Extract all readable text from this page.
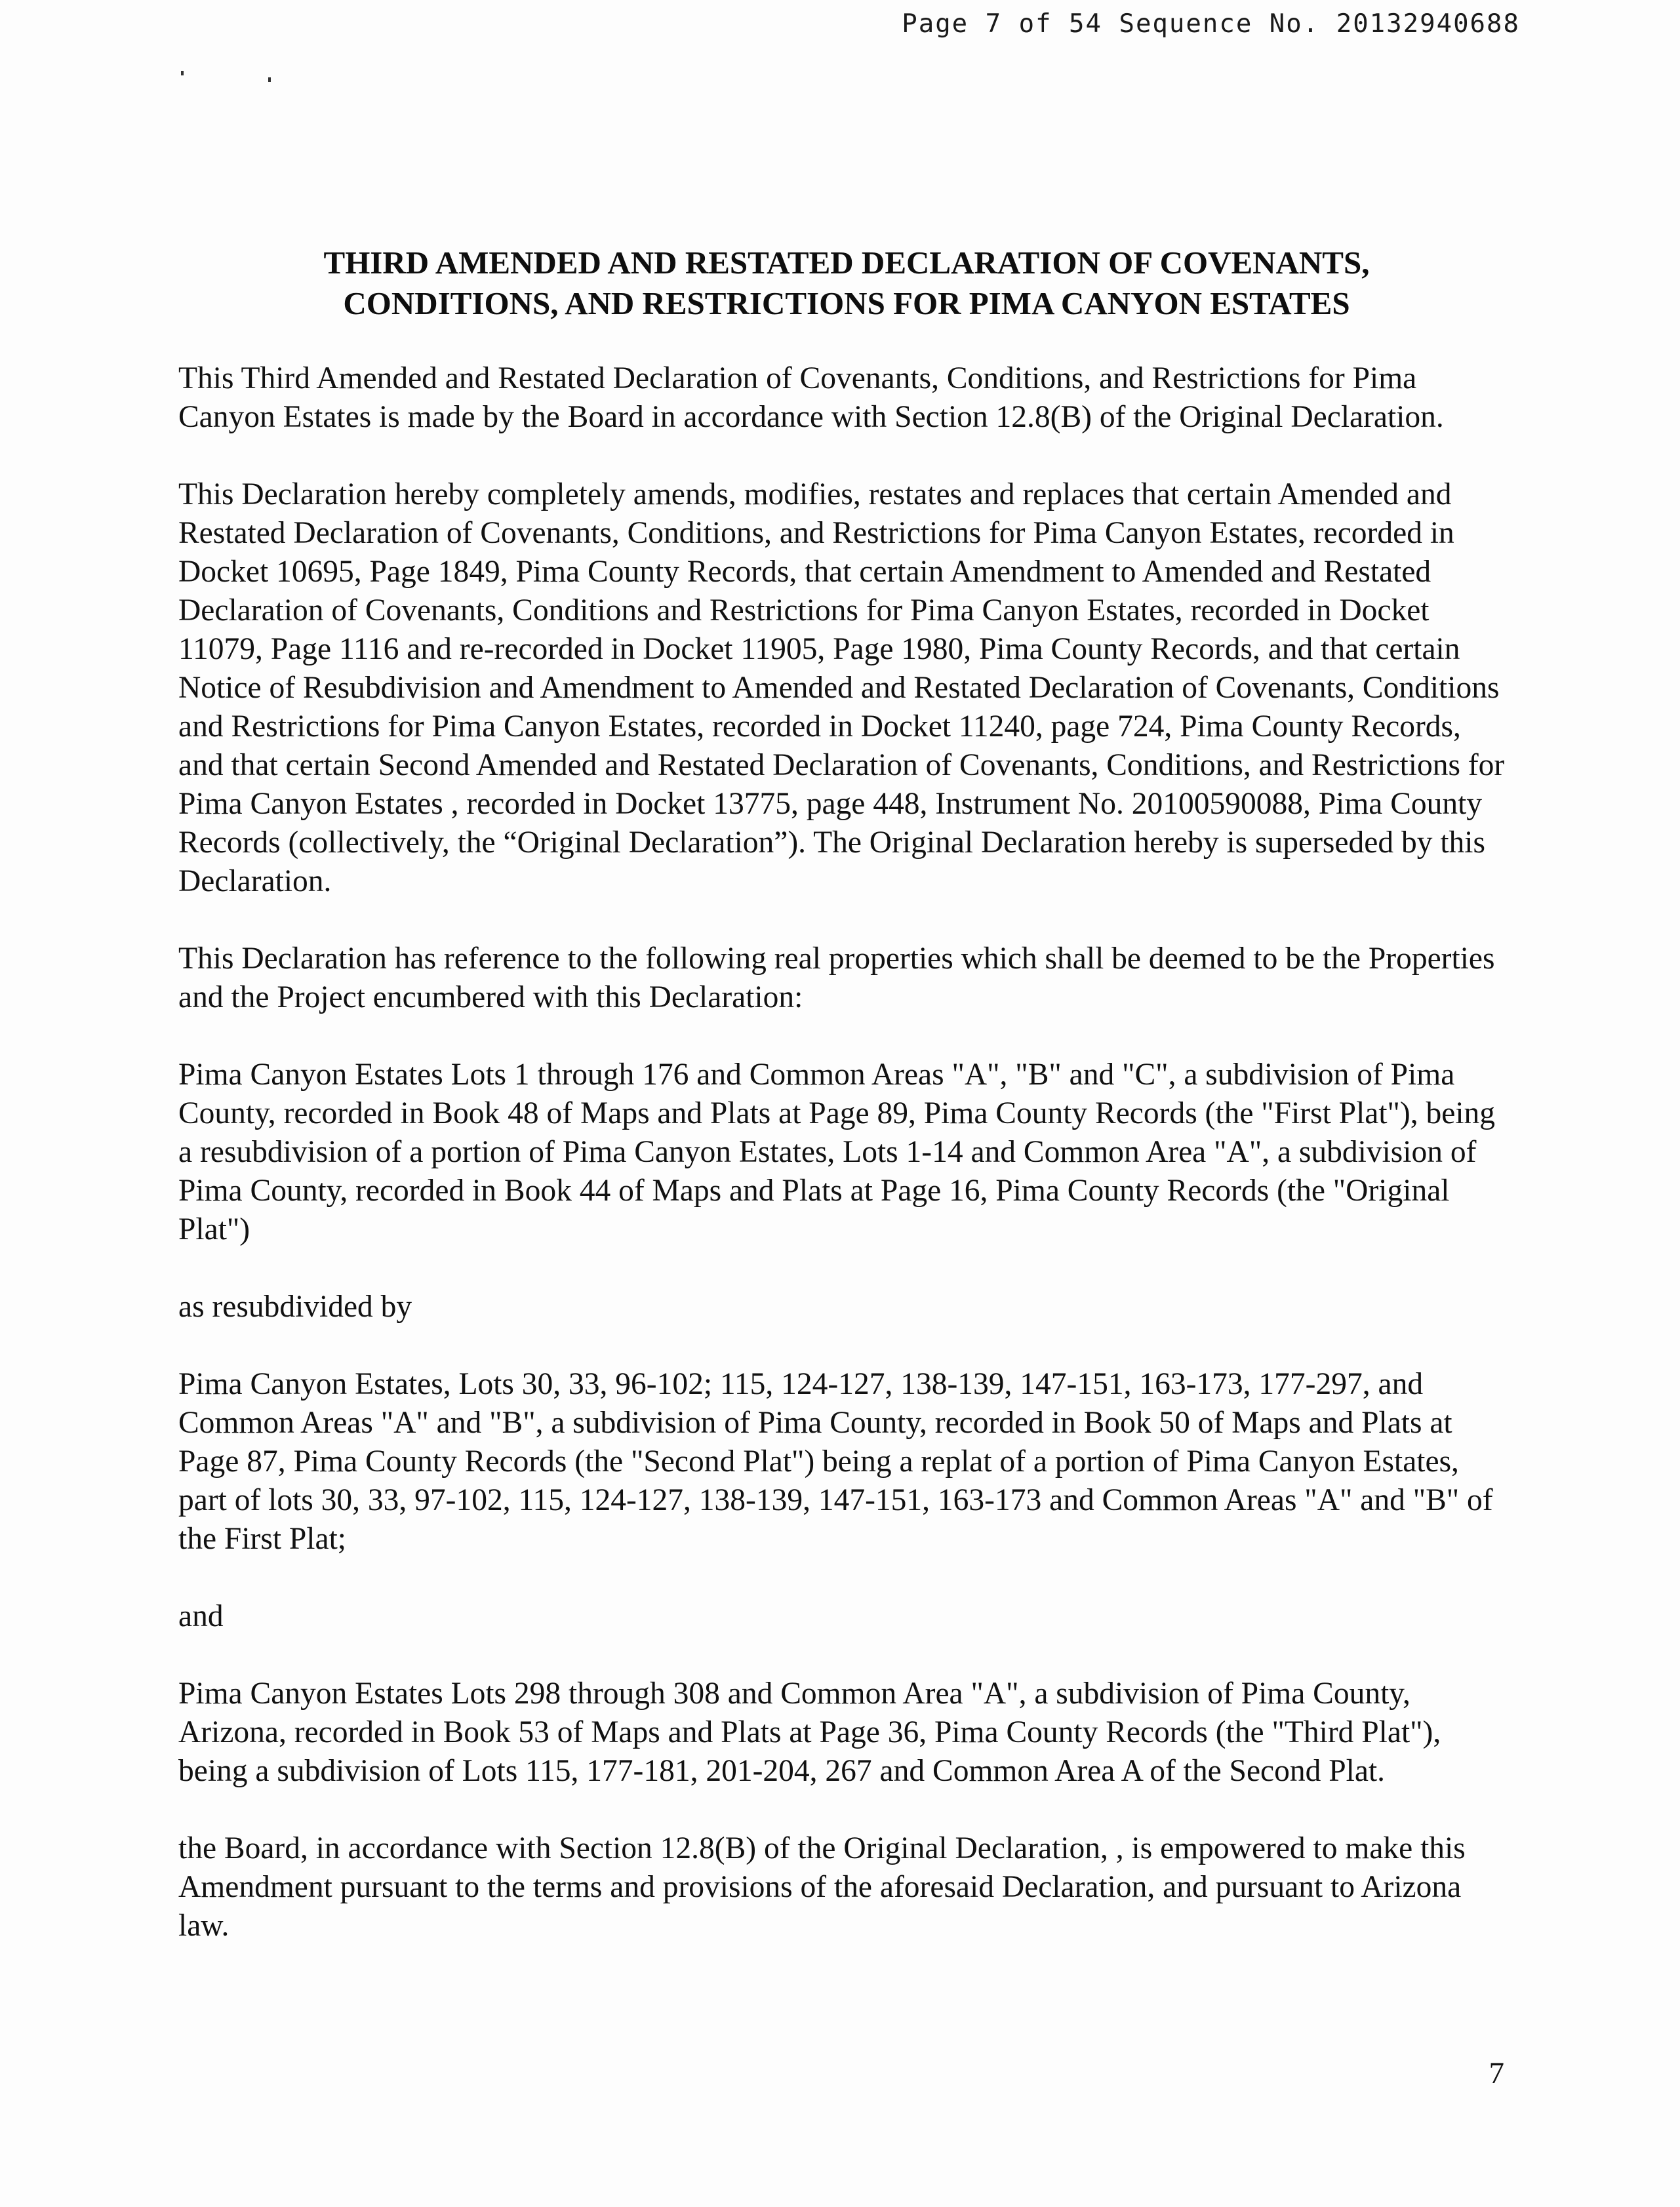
Page 7 of 54 Sequence No. 20132940688
THIRD AMENDED AND RESTATED DECLARATION OF COVENANTS,
CONDITIONS, AND RESTRICTIONS FOR PIMA CANYON ESTATES

This Third Amended and Restated Declaration of Covenants, Conditions, and Restrictions for Pima Canyon Estates is made by the Board in accordance with Section 12.8(B) of the Original Declaration.

This Declaration hereby completely amends, modifies, restates and replaces that certain Amended and Restated Declaration of Covenants, Conditions, and Restrictions for Pima Canyon Estates, recorded in Docket 10695, Page 1849, Pima County Records, that certain Amendment to Amended and Restated Declaration of Covenants, Conditions and Restrictions for Pima Canyon Estates, recorded in Docket 11079, Page 1116 and re-recorded in Docket 11905, Page 1980, Pima County Records, and that certain Notice of Resubdivision and Amendment to Amended and Restated Declaration of Covenants, Conditions and Restrictions for Pima Canyon Estates, recorded in Docket 11240, page 724, Pima County Records, and that certain Second Amended and Restated Declaration of Covenants, Conditions, and Restrictions for Pima Canyon Estates , recorded in Docket 13775, page 448, Instrument No. 20100590088, Pima County Records (collectively, the “Original Declaration”). The Original Declaration hereby is superseded by this Declaration.

This Declaration has reference to the following real properties which shall be deemed to be the Properties and the Project encumbered with this Declaration:

Pima Canyon Estates Lots 1 through 176 and Common Areas "A", "B" and "C", a subdivision of Pima County, recorded in Book 48 of Maps and Plats at Page 89, Pima County Records (the "First Plat"), being a resubdivision of a portion of Pima Canyon Estates, Lots 1-14 and Common Area "A", a subdivision of Pima County, recorded in Book 44 of Maps and Plats at Page 16, Pima County Records (the "Original Plat")

as resubdivided by

Pima Canyon Estates, Lots 30, 33, 96-102; 115, 124-127, 138-139, 147-151, 163-173, 177-297, and Common Areas "A" and "B", a subdivision of Pima County, recorded in Book 50 of Maps and Plats at Page 87, Pima County Records (the "Second Plat") being a replat of a portion of Pima Canyon Estates, part of lots 30, 33, 97-102, 115, 124-127, 138-139, 147-151, 163-173 and Common Areas "A" and "B" of the First Plat;

and

Pima Canyon Estates Lots 298 through 308 and Common Area "A", a subdivision of Pima County, Arizona, recorded in Book 53 of Maps and Plats at Page 36, Pima County Records (the "Third Plat"), being a subdivision of Lots 115, 177-181, 201-204, 267 and Common Area A of the Second Plat.

the Board, in accordance with Section 12.8(B) of the Original Declaration, , is empowered to make this Amendment pursuant to the terms and provisions of the aforesaid Declaration, and pursuant to Arizona law.

7
